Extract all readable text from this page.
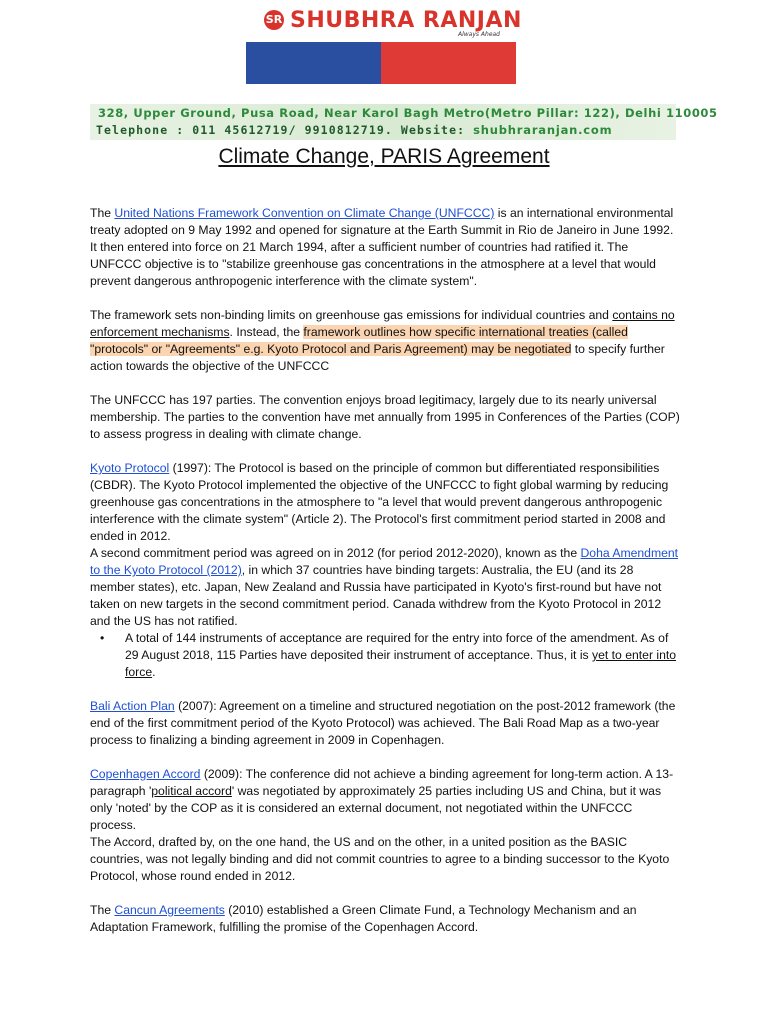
SR SHUBHRA RANJAN
Always Ahead
328, Upper Ground, Pusa Road, Near Karol Bagh Metro(Metro Pillar: 122), Delhi 110005
Telephone : 011 45612719/ 9910812719. Website: shubhraranjan.com
Climate Change, PARIS Agreement

The United Nations Framework Convention on Climate Change (UNFCCC) is an international environmental treaty adopted on 9 May 1992 and opened for signature at the Earth Summit in Rio de Janeiro in June 1992. It then entered into force on 21 March 1994, after a sufficient number of countries had ratified it. The UNFCCC objective is to "stabilize greenhouse gas concentrations in the atmosphere at a level that would prevent dangerous anthropogenic interference with the climate system".

The framework sets non-binding limits on greenhouse gas emissions for individual countries and contains no enforcement mechanisms. Instead, the framework outlines how specific international treaties (called "protocols" or "Agreements" e.g. Kyoto Protocol and Paris Agreement) may be negotiated to specify further action towards the objective of the UNFCCC

The UNFCCC has 197 parties. The convention enjoys broad legitimacy, largely due to its nearly universal membership. The parties to the convention have met annually from 1995 in Conferences of the Parties (COP) to assess progress in dealing with climate change.

Kyoto Protocol (1997): The Protocol is based on the principle of common but differentiated responsibilities (CBDR). The Kyoto Protocol implemented the objective of the UNFCCC to fight global warming by reducing greenhouse gas concentrations in the atmosphere to "a level that would prevent dangerous anthropogenic interference with the climate system" (Article 2). The Protocol's first commitment period started in 2008 and ended in 2012.

A second commitment period was agreed on in 2012 (for period 2012-2020), known as the Doha Amendment to the Kyoto Protocol (2012), in which 37 countries have binding targets: Australia, the EU (and its 28 member states), etc. Japan, New Zealand and Russia have participated in Kyoto's first-round but have not taken on new targets in the second commitment period. Canada withdrew from the Kyoto Protocol in 2012 and the US has not ratified.

• A total of 144 instruments of acceptance are required for the entry into force of the amendment. As of 29 August 2018, 115 Parties have deposited their instrument of acceptance. Thus, it is yet to enter into force.

Bali Action Plan (2007): Agreement on a timeline and structured negotiation on the post-2012 framework (the end of the first commitment period of the Kyoto Protocol) was achieved. The Bali Road Map as a two-year process to finalizing a binding agreement in 2009 in Copenhagen.

Copenhagen Accord (2009): The conference did not achieve a binding agreement for long-term action. A 13-paragraph 'political accord' was negotiated by approximately 25 parties including US and China, but it was only 'noted' by the COP as it is considered an external document, not negotiated within the UNFCCC process.

The Accord, drafted by, on the one hand, the US and on the other, in a united position as the BASIC countries, was not legally binding and did not commit countries to agree to a binding successor to the Kyoto Protocol, whose round ended in 2012.

The Cancun Agreements (2010) established a Green Climate Fund, a Technology Mechanism and an Adaptation Framework, fulfilling the promise of the Copenhagen Accord.
